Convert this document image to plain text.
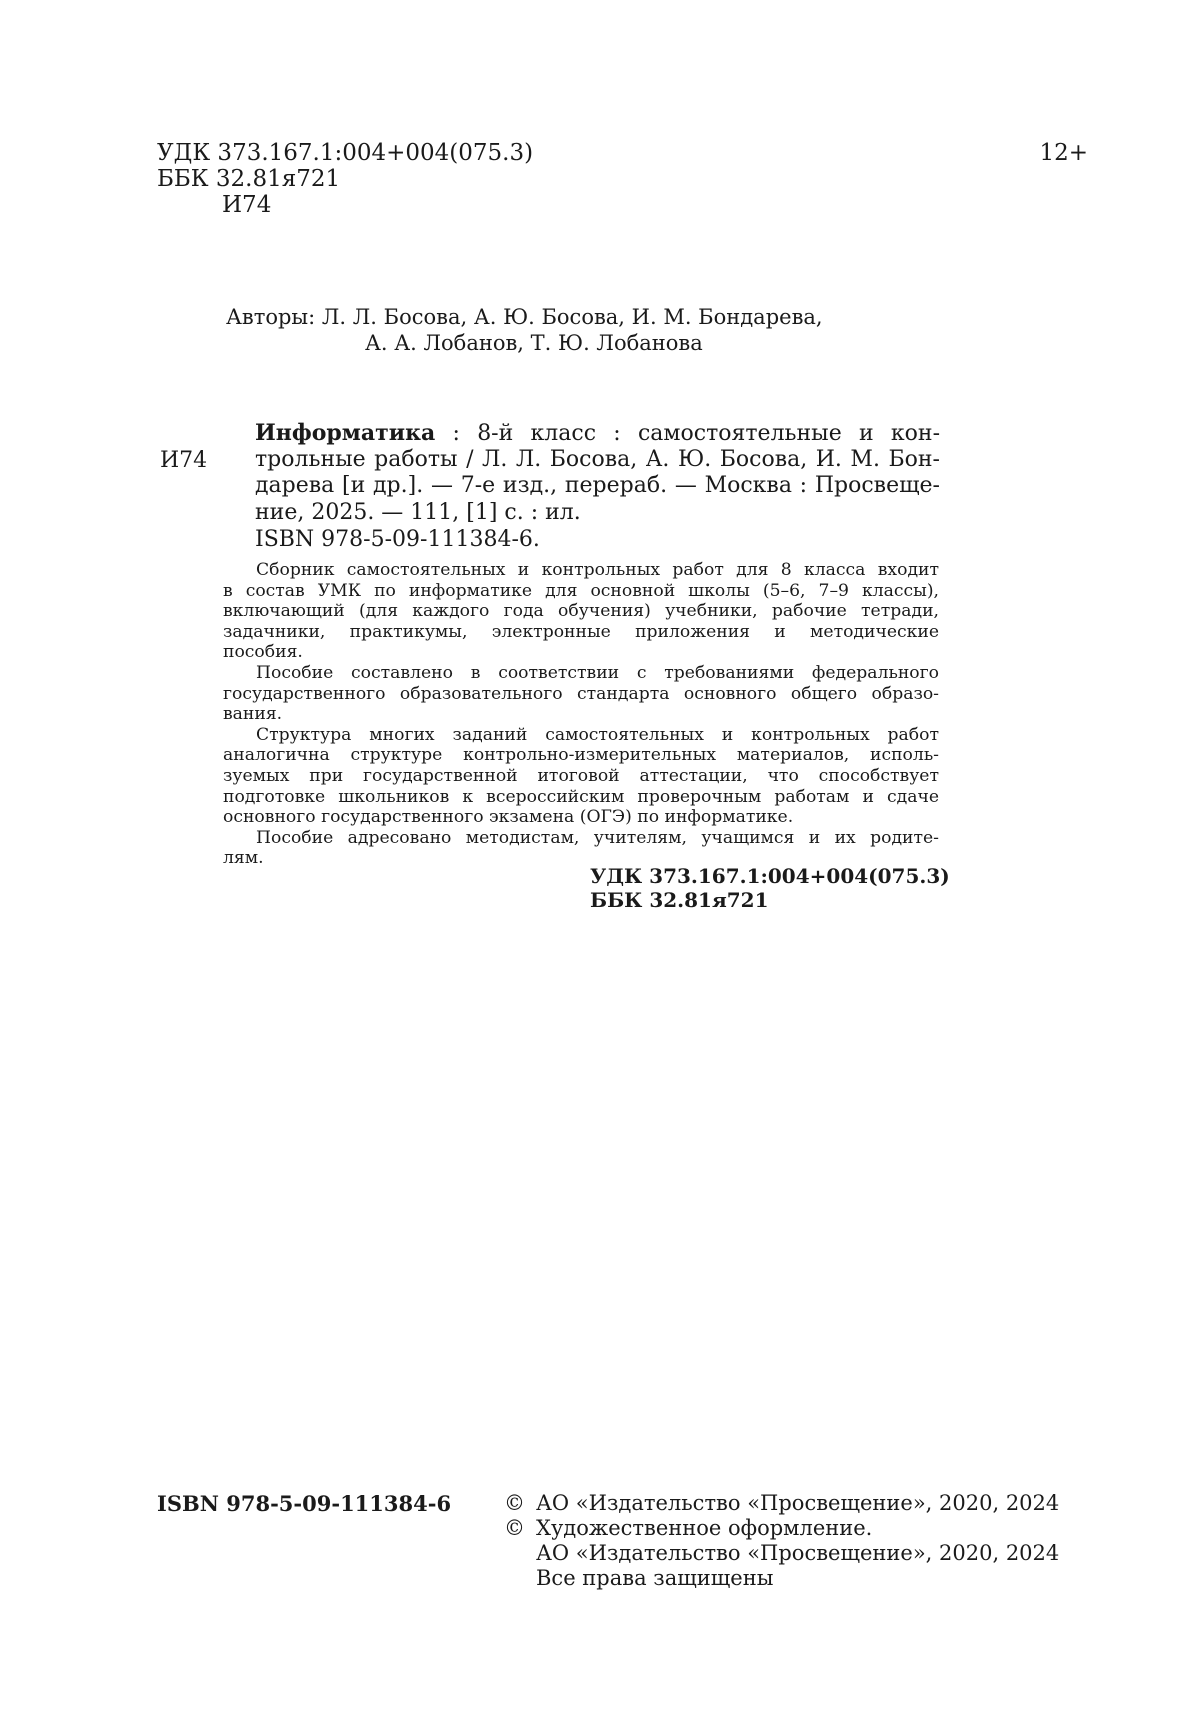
УДК 373.167.1:004+004(075.3)
ББК 32.81я721
И74
12+
Авторы: Л. Л. Босова, А. Ю. Босова, И. М. Бондарева,
А. А. Лобанов, Т. Ю. Лобанова
И74
Информатика : 8-й класс : самостоятельные и кон-
трольные работы / Л. Л. Босова, А. Ю. Босова, И. М. Бон-
дарева [и др.]. — 7-е изд., перераб. — Москва : Просвеще-
ние, 2025. — 111, [1] с. : ил.
ISBN 978-5-09-111384-6.
Сборник самостоятельных и контрольных работ для 8 класса входит
в состав УМК по информатике для основной школы (5–6, 7–9 классы),
включающий (для каждого года обучения) учебники, рабочие тетради,
задачники, практикумы, электронные приложения и методические
пособия.
Пособие составлено в соответствии с требованиями федерального
государственного образовательного стандарта основного общего образо-
вания.
Структура многих заданий самостоятельных и контрольных работ
аналогична структуре контрольно-измерительных материалов, исполь-
зуемых при государственной итоговой аттестации, что способствует
подготовке школьников к всероссийским проверочным работам и сдаче
основного государственного экзамена (ОГЭ) по информатике.
Пособие адресовано методистам, учителям, учащимся и их родите-
лям.
УДК 373.167.1:004+004(075.3)
ББК 32.81я721
ISBN 978-5-09-111384-6	© АО «Издательство «Просвещение», 2020, 2024
© Художественное оформление.
АО «Издательство «Просвещение», 2020, 2024
Все права защищены
